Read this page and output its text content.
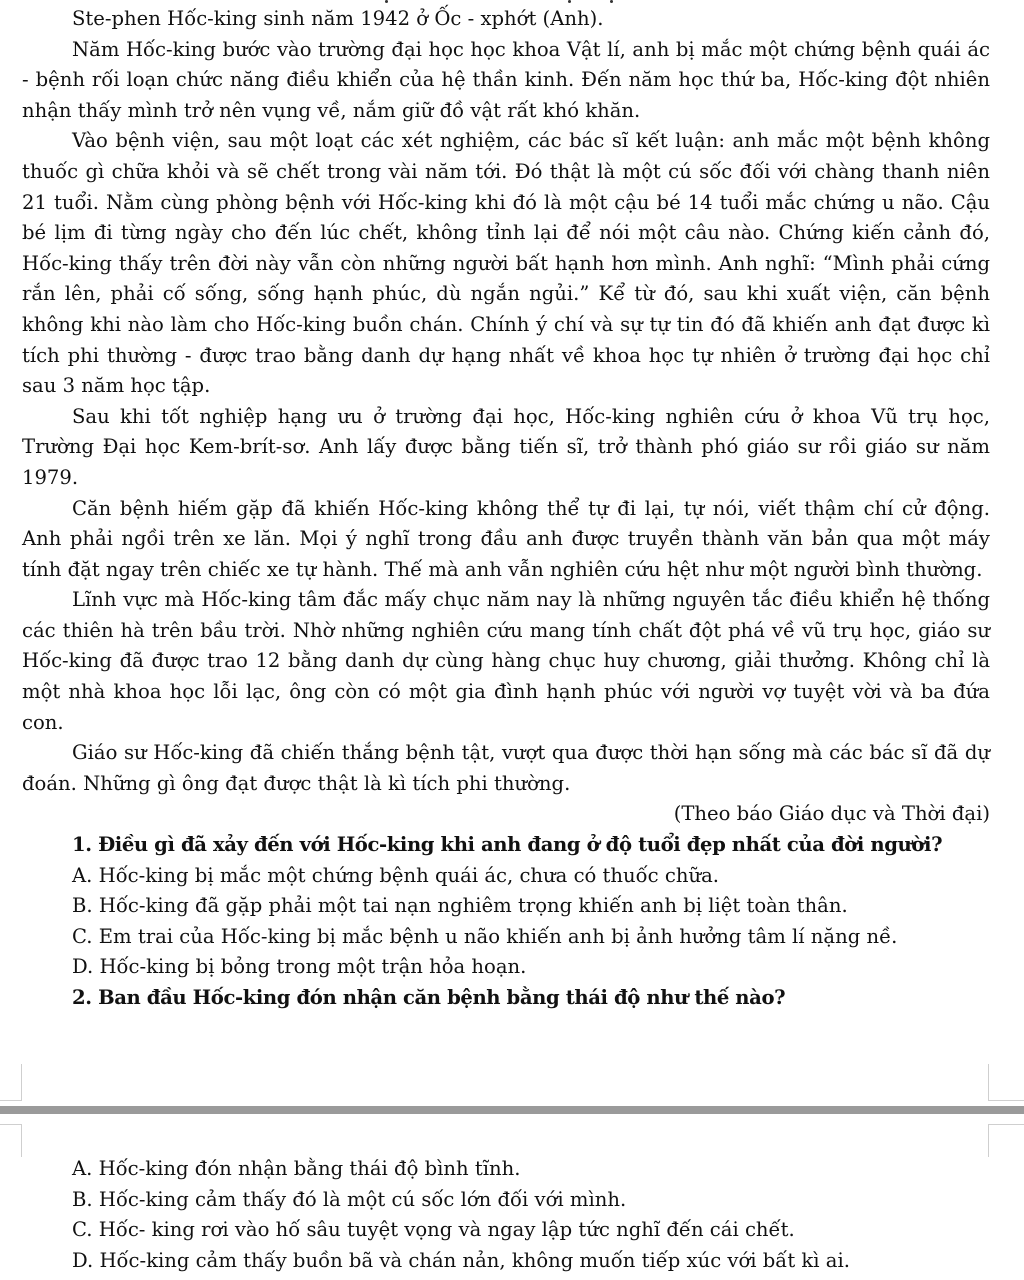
Ste-phen Hốc-king sinh năm 1942 ở Ốc - xphớt (Anh).

Năm Hốc-king bước vào trường đại học học khoa Vật lí, anh bị mắc một chứng bệnh quái ác - bệnh rối loạn chức năng điều khiển của hệ thần kinh. Đến năm học thứ ba, Hốc-king đột nhiên nhận thấy mình trở nên vụng về, nắm giữ đồ vật rất khó khăn.

Vào bệnh viện, sau một loạt các xét nghiệm, các bác sĩ kết luận: anh mắc một bệnh không thuốc gì chữa khỏi và sẽ chết trong vài năm tới. Đó thật là một cú sốc đối với chàng thanh niên 21 tuổi. Nằm cùng phòng bệnh với Hốc-king khi đó là một cậu bé 14 tuổi mắc chứng u não. Cậu bé lịm đi từng ngày cho đến lúc chết, không tỉnh lại để nói một câu nào. Chứng kiến cảnh đó, Hốc-king thấy trên đời này vẫn còn những người bất hạnh hơn mình. Anh nghĩ: “Mình phải cứng rắn lên, phải cố sống, sống hạnh phúc, dù ngắn ngủi.” Kể từ đó, sau khi xuất viện, căn bệnh không khi nào làm cho Hốc-king buồn chán. Chính ý chí và sự tự tin đó đã khiến anh đạt được kì tích phi thường - được trao bằng danh dự hạng nhất về khoa học tự nhiên ở trường đại học chỉ sau 3 năm học tập.

Sau khi tốt nghiệp hạng ưu ở trường đại học, Hốc-king nghiên cứu ở khoa Vũ trụ học, Trường Đại học Kem-brít-sơ. Anh lấy được bằng tiến sĩ, trở thành phó giáo sư rồi giáo sư năm 1979.

Căn bệnh hiếm gặp đã khiến Hốc-king không thể tự đi lại, tự nói, viết thậm chí cử động. Anh phải ngồi trên xe lăn. Mọi ý nghĩ trong đầu anh được truyền thành văn bản qua một máy tính đặt ngay trên chiếc xe tự hành. Thế mà anh vẫn nghiên cứu hệt như một người bình thường.

Lĩnh vực mà Hốc-king tâm đắc mấy chục năm nay là những nguyên tắc điều khiển hệ thống các thiên hà trên bầu trời. Nhờ những nghiên cứu mang tính chất đột phá về vũ trụ học, giáo sư Hốc-king đã được trao 12 bằng danh dự cùng hàng chục huy chương, giải thưởng. Không chỉ là một nhà khoa học lỗi lạc, ông còn có một gia đình hạnh phúc với người vợ tuyệt vời và ba đứa con.

Giáo sư Hốc-king đã chiến thắng bệnh tật, vượt qua được thời hạn sống mà các bác sĩ đã dự đoán. Những gì ông đạt được thật là kì tích phi thường.

(Theo báo Giáo dục và Thời đại)
1. Điều gì đã xảy đến với Hốc-king khi anh đang ở độ tuổi đẹp nhất của đời người?
A. Hốc-king bị mắc một chứng bệnh quái ác, chưa có thuốc chữa.
B. Hốc-king đã gặp phải một tai nạn nghiêm trọng khiến anh bị liệt toàn thân.
C. Em trai của Hốc-king bị mắc bệnh u não khiến anh bị ảnh hưởng tâm lí nặng nề.
D. Hốc-king bị bỏng trong một trận hỏa hoạn.
2. Ban đầu Hốc-king đón nhận căn bệnh bằng thái độ như thế nào?
A. Hốc-king đón nhận bằng thái độ bình tĩnh.
B. Hốc-king cảm thấy đó là một cú sốc lớn đối với mình.
C. Hốc- king rơi vào hố sâu tuyệt vọng và ngay lập tức nghĩ đến cái chết.
D. Hốc-king cảm thấy buồn bã và chán nản, không muốn tiếp xúc với bất kì ai.
